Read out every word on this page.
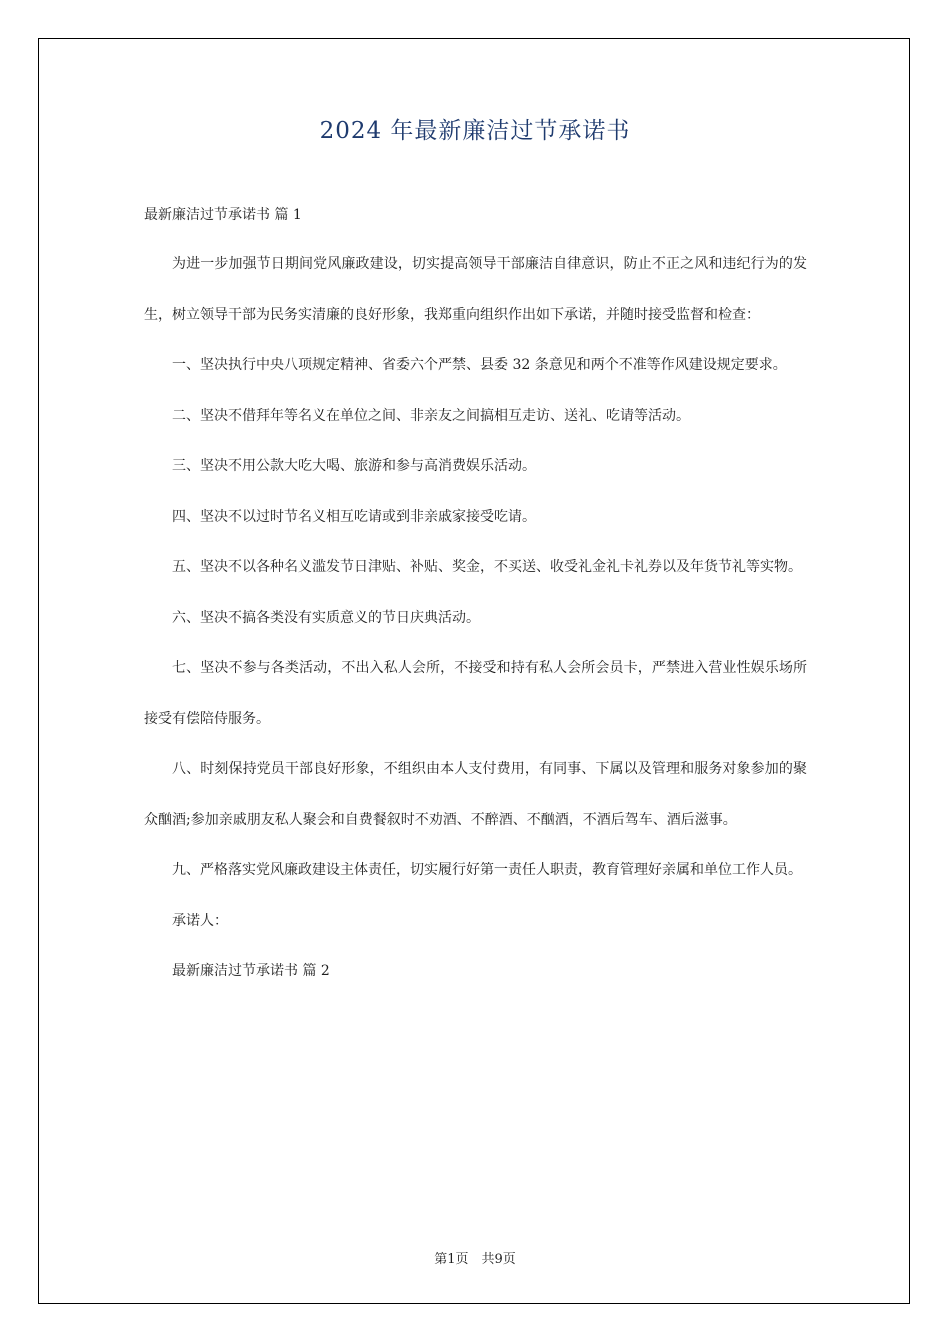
2024 年最新廉洁过节承诺书
最新廉洁过节承诺书 篇 1

为进一步加强节日期间党风廉政建设，切实提高领导干部廉洁自律意识，防止不正之风和违纪行为的发生，树立领导干部为民务实清廉的良好形象，我郑重向组织作出如下承诺，并随时接受监督和检查：

一、坚决执行中央八项规定精神、省委六个严禁、县委 32 条意见和两个不准等作风建设规定要求。

二、坚决不借拜年等名义在单位之间、非亲友之间搞相互走访、送礼、吃请等活动。

三、坚决不用公款大吃大喝、旅游和参与高消费娱乐活动。

四、坚决不以过时节名义相互吃请或到非亲戚家接受吃请。

五、坚决不以各种名义滥发节日津贴、补贴、奖金，不买送、收受礼金礼卡礼券以及年货节礼等实物。

六、坚决不搞各类没有实质意义的节日庆典活动。

七、坚决不参与各类活动，不出入私人会所，不接受和持有私人会所会员卡，严禁进入营业性娱乐场所接受有偿陪侍服务。

八、时刻保持党员干部良好形象，不组织由本人支付费用，有同事、下属以及管理和服务对象参加的聚众酗酒;参加亲戚朋友私人聚会和自费餐叙时不劝酒、不醉酒、不酗酒，不酒后驾车、酒后滋事。

九、严格落实党风廉政建设主体责任，切实履行好第一责任人职责，教育管理好亲属和单位工作人员。

承诺人：

最新廉洁过节承诺书 篇 2

第1页　共9页
